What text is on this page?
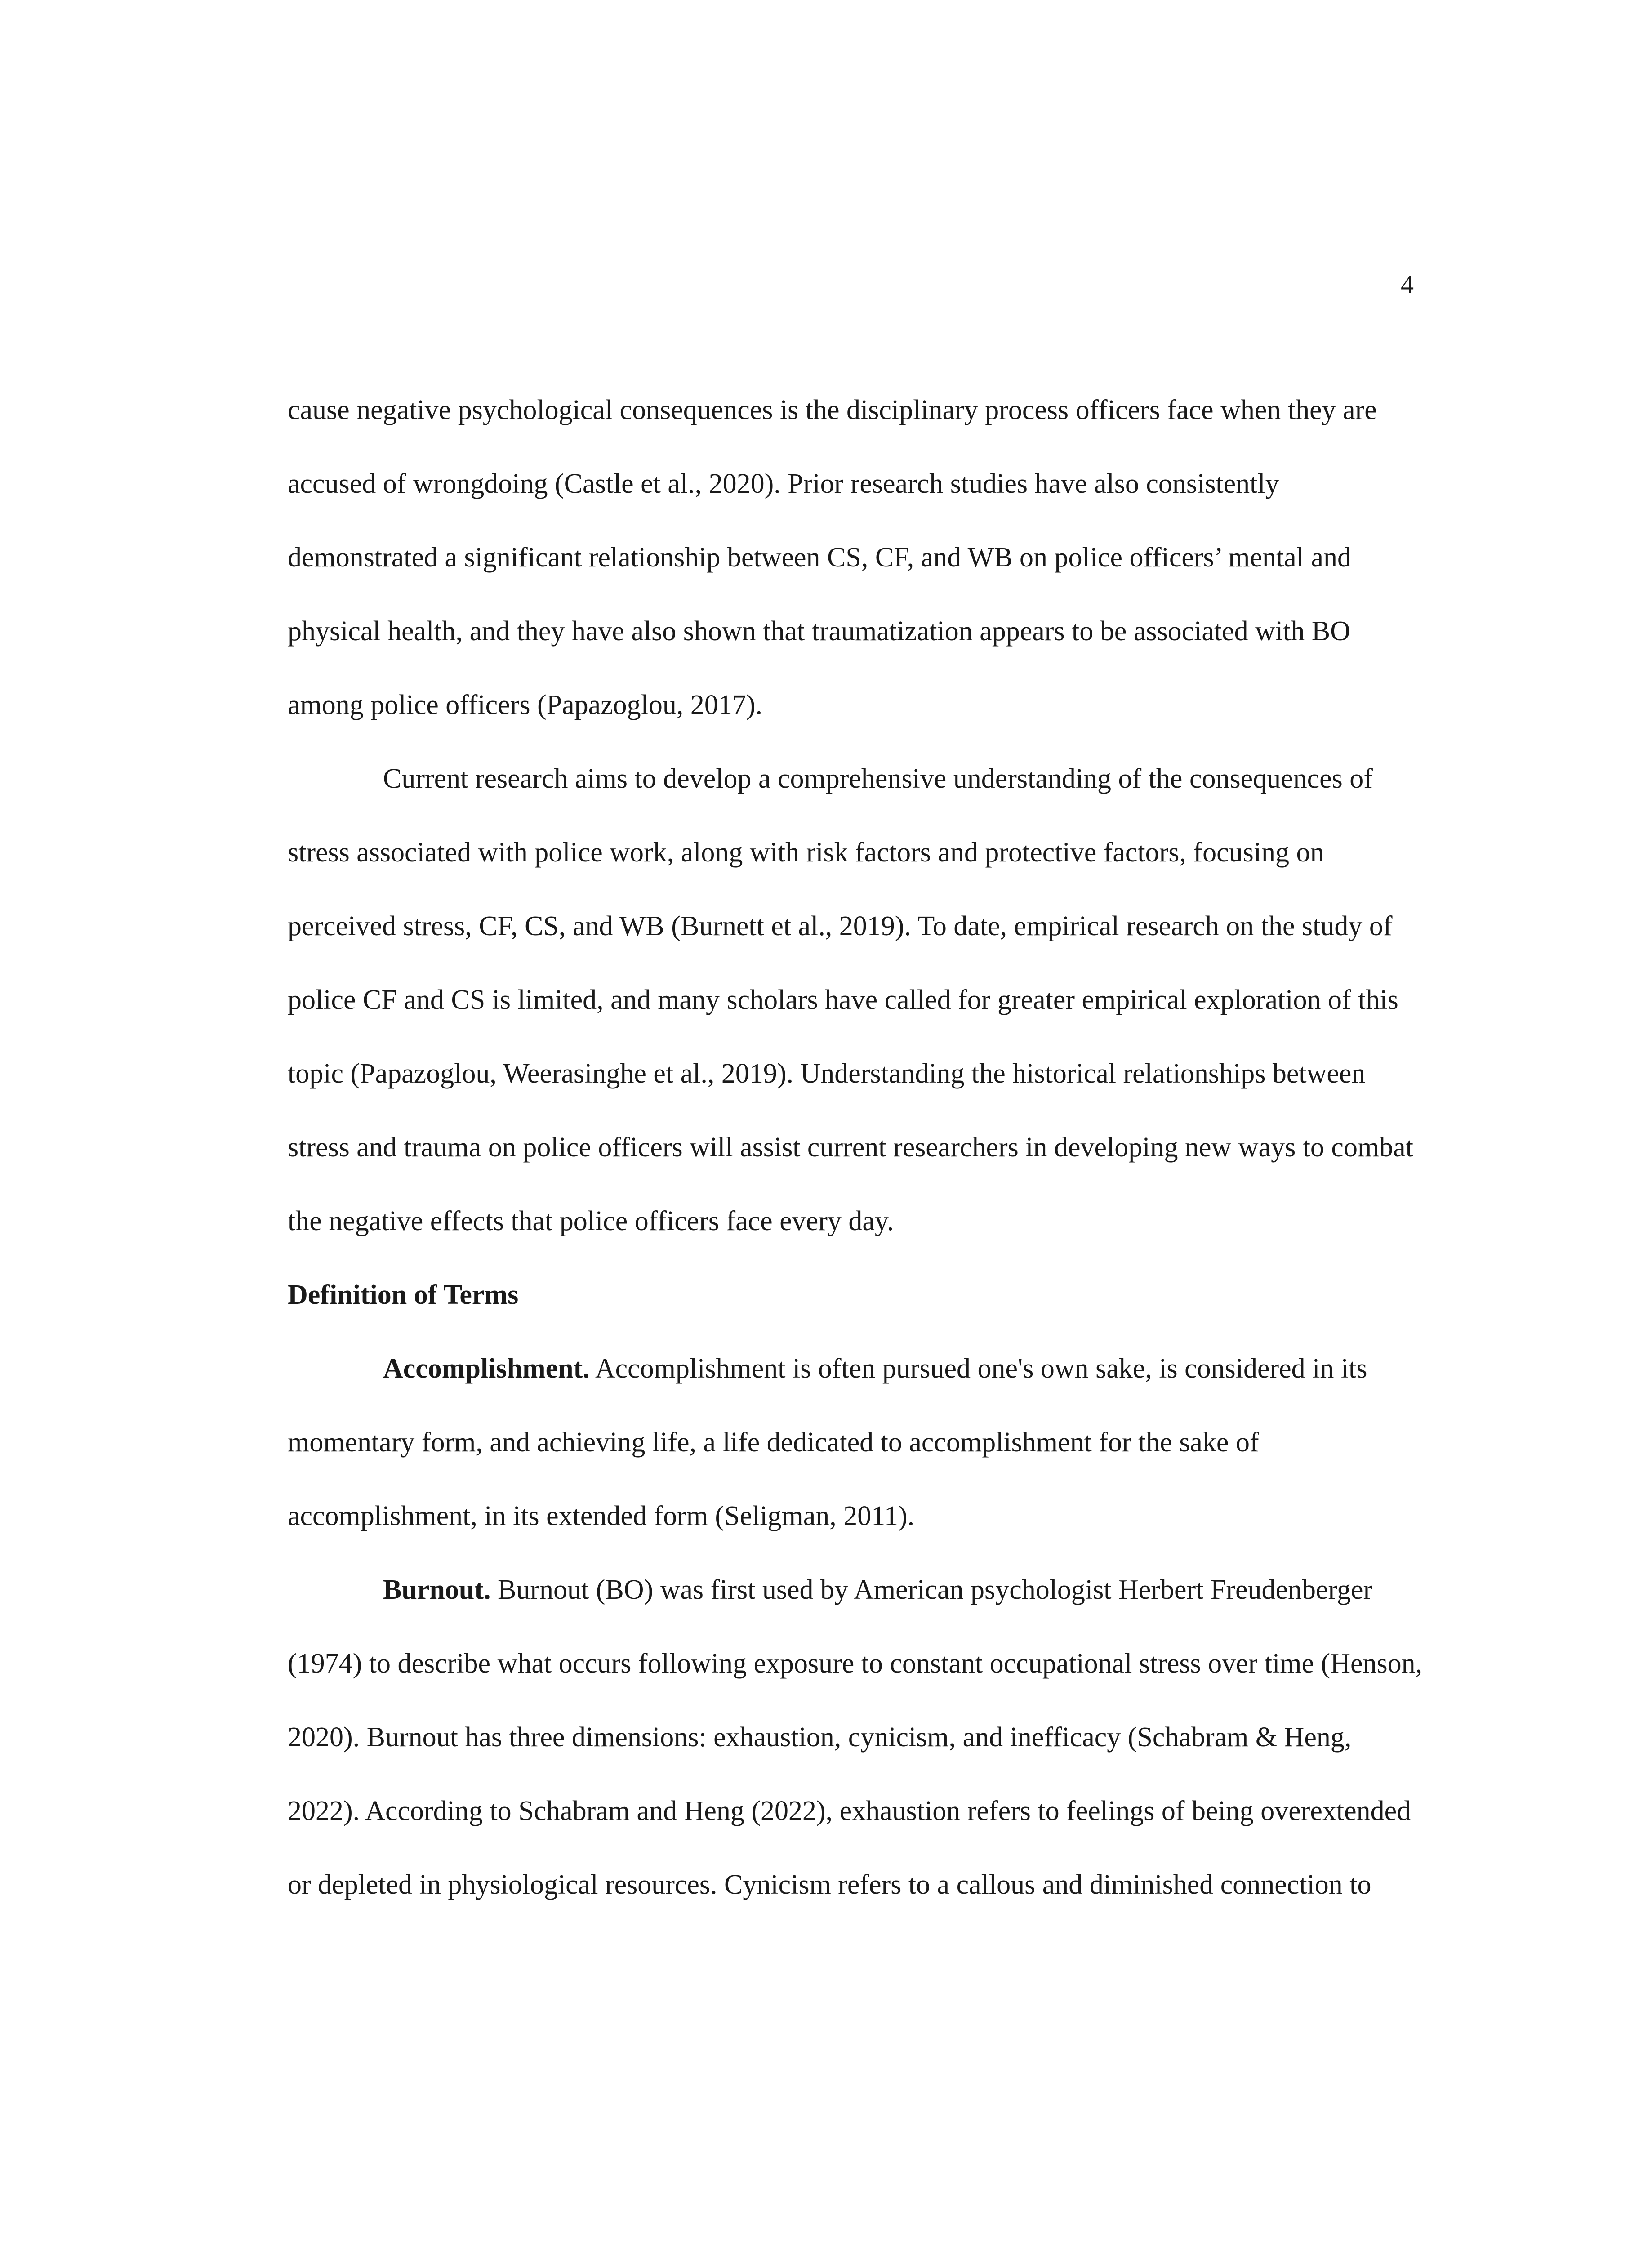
4

cause negative psychological consequences is the disciplinary process officers face when they are accused of wrongdoing (Castle et al., 2020). Prior research studies have also consistently demonstrated a significant relationship between CS, CF, and WB on police officers’ mental and physical health, and they have also shown that traumatization appears to be associated with BO among police officers (Papazoglou, 2017).

Current research aims to develop a comprehensive understanding of the consequences of stress associated with police work, along with risk factors and protective factors, focusing on perceived stress, CF, CS, and WB (Burnett et al., 2019). To date, empirical research on the study of police CF and CS is limited, and many scholars have called for greater empirical exploration of this topic (Papazoglou, Weerasinghe et al., 2019). Understanding the historical relationships between stress and trauma on police officers will assist current researchers in developing new ways to combat the negative effects that police officers face every day.

Definition of Terms

Accomplishment. Accomplishment is often pursued one's own sake, is considered in its momentary form, and achieving life, a life dedicated to accomplishment for the sake of accomplishment, in its extended form (Seligman, 2011).

Burnout. Burnout (BO) was first used by American psychologist Herbert Freudenberger (1974) to describe what occurs following exposure to constant occupational stress over time (Henson, 2020). Burnout has three dimensions: exhaustion, cynicism, and inefficacy (Schabram & Heng, 2022). According to Schabram and Heng (2022), exhaustion refers to feelings of being overextended or depleted in physiological resources. Cynicism refers to a callous and diminished connection to
